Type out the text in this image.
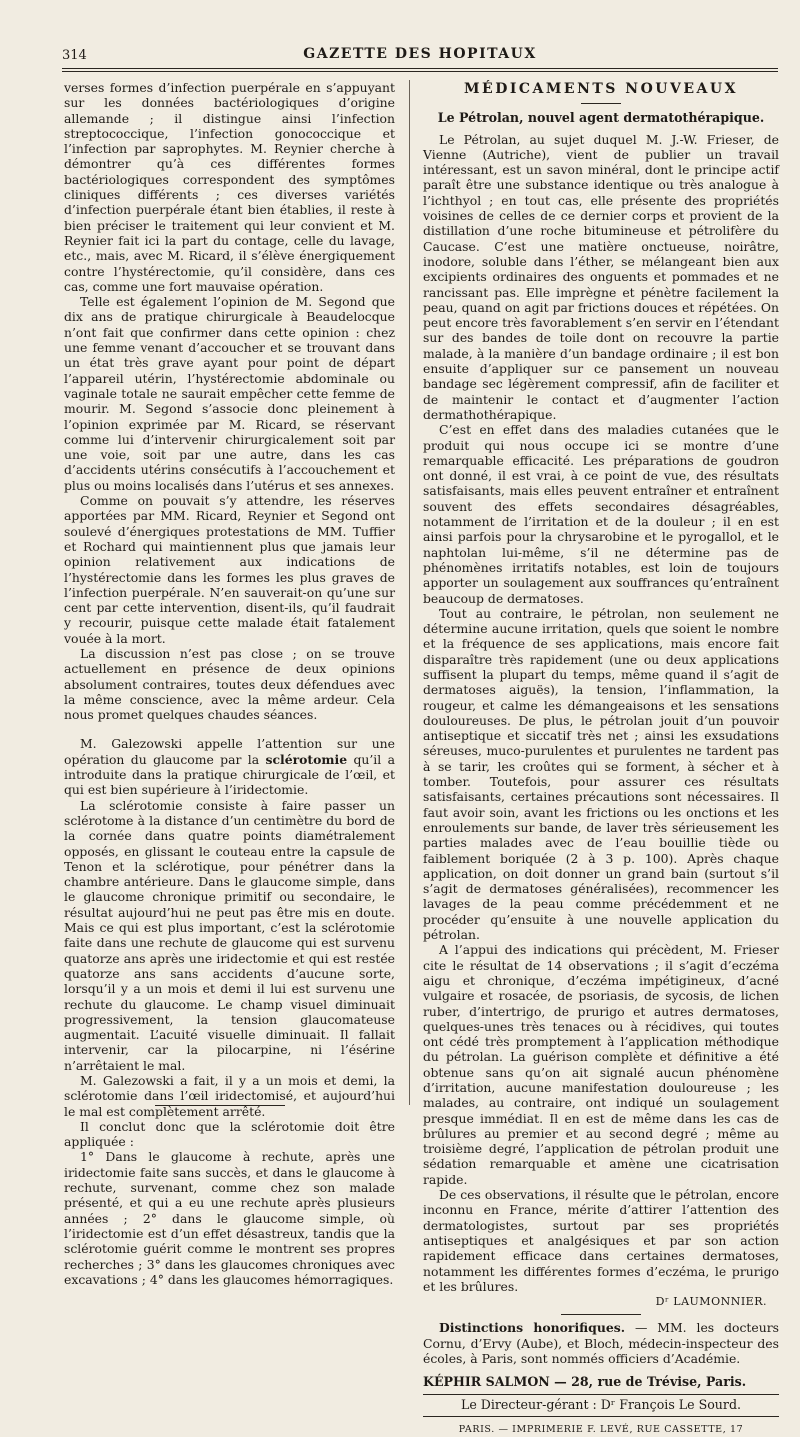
314	GAZETTE DES HOPITAUX

verses formes d’infection puerpérale en s’appuyant sur les données bactériologiques d’origine allemande ; il distingue ainsi l’infection streptococcique, l’infection gonococcique et l’infection par saprophytes. M. Reynier cherche à démontrer qu’à ces différentes formes bactériologiques correspondent des symptômes cliniques différents ; ces diverses variétés d’infection puerpérale étant bien établies, il reste à bien préciser le traitement qui leur convient et M. Reynier fait ici la part du contage, celle du lavage, etc., mais, avec M. Ricard, il s’élève énergiquement contre l’hystérectomie, qu’il considère, dans ces cas, comme une fort mauvaise opération.

Telle est également l’opinion de M. Segond que dix ans de pratique chirurgicale à Beaudelocque n’ont fait que confirmer dans cette opinion : chez une femme venant d’accoucher et se trouvant dans un état très grave ayant pour point de départ l’appareil utérin, l’hystérectomie abdominale ou vaginale totale ne saurait empêcher cette femme de mourir. M. Segond s’associe donc pleinement à l’opinion exprimée par M. Ricard, se réservant comme lui d’intervenir chirurgicalement soit par une voie, soit par une autre, dans les cas d’accidents utérins consécutifs à l’accouchement et plus ou moins localisés dans l’utérus et ses annexes.

Comme on pouvait s’y attendre, les réserves apportées par MM. Ricard, Reynier et Segond ont soulevé d’énergiques protestations de MM. Tuffier et Rochard qui maintiennent plus que jamais leur opinion relativement aux indications de l’hystérectomie dans les formes les plus graves de l’infection puerpérale. N’en sauverait-on qu’une sur cent par cette intervention, disent-ils, qu’il faudrait y recourir, puisque cette malade était fatalement vouée à la mort.

La discussion n’est pas close ; on se trouve actuellement en présence de deux opinions absolument contraires, toutes deux défendues avec la même conscience, avec la même ardeur. Cela nous promet quelques chaudes séances.

M. Galezowski appelle l’attention sur une opération du glaucome par la sclérotomie qu’il a introduite dans la pratique chirurgicale de l’œil, et qui est bien supérieure à l’iridectomie.

La sclérotomie consiste à faire passer un sclérotome à la distance d’un centimètre du bord de la cornée dans quatre points diamétralement opposés, en glissant le couteau entre la capsule de Tenon et la sclérotique, pour pénétrer dans la chambre antérieure. Dans le glaucome simple, dans le glaucome chronique primitif ou secondaire, le résultat aujourd’hui ne peut pas être mis en doute. Mais ce qui est plus important, c’est la sclérotomie faite dans une rechute de glaucome qui est survenu quatorze ans après une iridectomie et qui est restée quatorze ans sans accidents d’aucune sorte, lorsqu’il y a un mois et demi il lui est survenu une rechute du glaucome. Le champ visuel diminuait progressivement, la tension glaucomateuse augmentait. L’acuité visuelle diminuait. Il fallait intervenir, car la pilocarpine, ni l’ésérine n’arrêtaient le mal.

M. Galezowski a fait, il y a un mois et demi, la sclérotomie dans l’œil iridectomisé, et aujourd’hui le mal est complètement arrêté.

Il conclut donc que la sclérotomie doit être appliquée :

1° Dans le glaucome à rechute, après une iridectomie faite sans succès, et dans le glaucome à rechute, survenant, comme chez son malade présenté, et qui a eu une rechute après plusieurs années ; 2° dans le glaucome simple, où l’iridectomie est d’un effet désastreux, tandis que la sclérotomie guérit comme le montrent ses propres recherches ; 3° dans les glaucomes chroniques avec excavations ; 4° dans les glaucomes hémorragiques.

MÉDICAMENTS NOUVEAUX
Le Pétrolan, nouvel agent dermatothérapique.

Le Pétrolan, au sujet duquel M. J.-W. Frieser, de Vienne (Autriche), vient de publier un travail intéressant, est un savon minéral, dont le principe actif paraît être une substance identique ou très analogue à l’ichthyol ; en tout cas, elle présente des propriétés voisines de celles de ce dernier corps et provient de la distillation d’une roche bitumineuse et pétrolifère du Caucase. C’est une matière onctueuse, noirâtre, inodore, soluble dans l’éther, se mélangeant bien aux excipients ordinaires des onguents et pommades et ne rancissant pas. Elle imprègne et pénètre facilement la peau, quand on agit par frictions douces et répétées. On peut encore très favorablement s’en servir en l’étendant sur des bandes de toile dont on recouvre la partie malade, à la manière d’un bandage ordinaire ; il est bon ensuite d’appliquer sur ce pansement un nouveau bandage sec légèrement compressif, afin de faciliter et de maintenir le contact et d’augmenter l’action dermathothérapique.

C’est en effet dans des maladies cutanées que le produit qui nous occupe ici se montre d’une remarquable efficacité. Les préparations de goudron ont donné, il est vrai, à ce point de vue, des résultats satisfaisants, mais elles peuvent entraîner et entraînent souvent des effets secondaires désagréables, notamment de l’irritation et de la douleur ; il en est ainsi parfois pour la chrysarobine et le pyrogallol, et le naphtolan lui-même, s’il ne détermine pas de phénomènes irritatifs notables, est loin de toujours apporter un soulagement aux souffrances qu’entraînent beaucoup de dermatoses.

Tout au contraire, le pétrolan, non seulement ne détermine aucune irritation, quels que soient le nombre et la fréquence de ses applications, mais encore fait disparaître très rapidement (une ou deux applications suffisent la plupart du temps, même quand il s’agit de dermatoses aiguës), la tension, l’inflammation, la rougeur, et calme les démangeaisons et les sensations douloureuses. De plus, le pétrolan jouit d’un pouvoir antiseptique et siccatif très net ; ainsi les exsudations séreuses, muco-purulentes et purulentes ne tardent pas à se tarir, les croûtes qui se forment, à sécher et à tomber. Toutefois, pour assurer ces résultats satisfaisants, certaines précautions sont nécessaires. Il faut avoir soin, avant les frictions ou les onctions et les enroulements sur bande, de laver très sérieusement les parties malades avec de l’eau bouillie tiède ou faiblement boriquée (2 à 3 p. 100). Après chaque application, on doit donner un grand bain (surtout s’il s’agit de dermatoses généralisées), recommencer les lavages de la peau comme précédemment et ne procéder qu’ensuite à une nouvelle application du pétrolan.

A l’appui des indications qui précèdent, M. Frieser cite le résultat de 14 observations ; il s’agit d’eczéma aigu et chronique, d’eczéma impétigineux, d’acné vulgaire et rosacée, de psoriasis, de sycosis, de lichen ruber, d’intertrigo, de prurigo et autres dermatoses, quelques-unes très tenaces ou à récidives, qui toutes ont cédé très promptement à l’application méthodique du pétrolan. La guérison complète et définitive a été obtenue sans qu’on ait signalé aucun phénomène d’irritation, aucune manifestation douloureuse ; les malades, au contraire, ont indiqué un soulagement presque immédiat. Il en est de même dans les cas de brûlures au premier et au second degré ; même au troisième degré, l’application de pétrolan produit une sédation remarquable et amène une cicatrisation rapide.

De ces observations, il résulte que le pétrolan, encore inconnu en France, mérite d’attirer l’attention des dermatologistes, surtout par ses propriétés antiseptiques et analgésiques et par son action rapidement efficace dans certaines dermatoses, notamment les différentes formes d’eczéma, le prurigo et les brûlures.

Dʳ LAUMONNIER.

Distinctions honorifiques. — MM. les docteurs Cornu, d’Ervy (Aube), et Bloch, médecin-inspecteur des écoles, à Paris, sont nommés officiers d’Académie.

KÉPHIR SALMON — 28, rue de Trévise, Paris.

Le Directeur-gérant : Dʳ François Le Sourd.

PARIS. — IMPRIMERIE F. LEVÉ, RUE CASSETTE, 17
